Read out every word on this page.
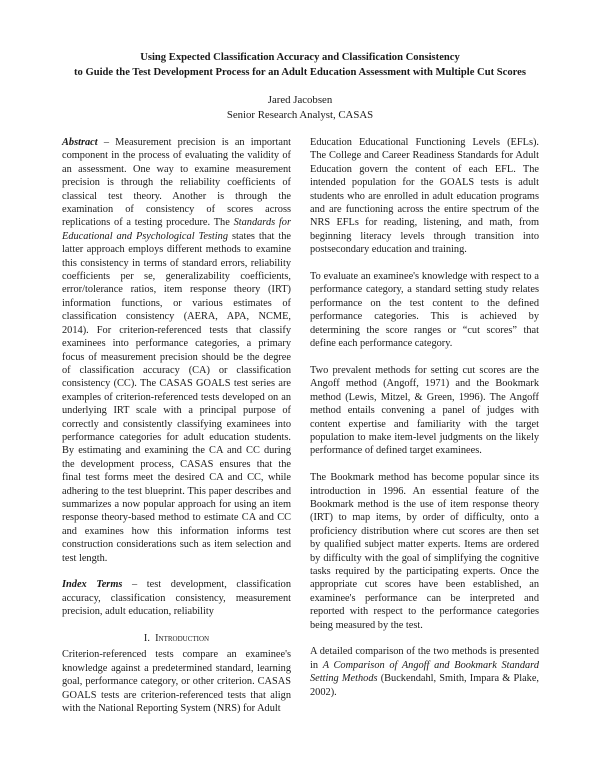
Using Expected Classification Accuracy and Classification Consistency
to Guide the Test Development Process for an Adult Education Assessment with Multiple Cut Scores
Jared Jacobsen
Senior Research Analyst, CASAS

Abstract – Measurement precision is an important component in the process of evaluating the validity of an assessment. One way to examine measurement precision is through the reliability coefficients of classical test theory. Another is through the examination of consistency of scores across replications of a testing procedure. The Standards for Educational and Psychological Testing states that the latter approach employs different methods to examine this consistency in terms of standard errors, reliability coefficients per se, generalizability coefficients, error/tolerance ratios, item response theory (IRT) information functions, or various estimates of classification consistency (AERA, APA, NCME, 2014). For criterion-referenced tests that classify examinees into performance categories, a primary focus of measurement precision should be the degree of classification accuracy (CA) or classification consistency (CC). The CASAS GOALS test series are examples of criterion-referenced tests developed on an underlying IRT scale with a principal purpose of correctly and consistently classifying examinees into performance categories for adult education students. By estimating and examining the CA and CC during the development process, CASAS ensures that the final test forms meet the desired CA and CC, while adhering to the test blueprint. This paper describes and summarizes a now popular approach for using an item response theory-based method to estimate CA and CC and examines how this information informs test construction considerations such as item selection and test length.

Index Terms – test development, classification accuracy, classification consistency, measurement precision, adult education, reliability

I. Introduction

Criterion-referenced tests compare an examinee's knowledge against a predetermined standard, learning goal, performance category, or other criterion. CASAS GOALS tests are criterion-referenced tests that align with the National Reporting System (NRS) for Adult

Education Educational Functioning Levels (EFLs). The College and Career Readiness Standards for Adult Education govern the content of each EFL. The intended population for the GOALS tests is adult students who are enrolled in adult education programs and are functioning across the entire spectrum of the NRS EFLs for reading, listening, and math, from beginning literacy levels through transition into postsecondary education and training.

To evaluate an examinee's knowledge with respect to a performance category, a standard setting study relates performance on the test content to the defined performance categories. This is achieved by determining the score ranges or “cut scores” that define each performance category.

Two prevalent methods for setting cut scores are the Angoff method (Angoff, 1971) and the Bookmark method (Lewis, Mitzel, & Green, 1996). The Angoff method entails convening a panel of judges with content expertise and familiarity with the target population to make item-level judgments on the likely performance of defined target examinees.

The Bookmark method has become popular since its introduction in 1996. An essential feature of the Bookmark method is the use of item response theory (IRT) to map items, by order of difficulty, onto a proficiency distribution where cut scores are then set by qualified subject matter experts. Items are ordered by difficulty with the goal of simplifying the cognitive tasks required by the participating experts. Once the appropriate cut scores have been established, an examinee's performance can be interpreted and reported with respect to the performance categories being measured by the test.

A detailed comparison of the two methods is presented in A Comparison of Angoff and Bookmark Standard Setting Methods (Buckendahl, Smith, Impara & Plake, 2002).
